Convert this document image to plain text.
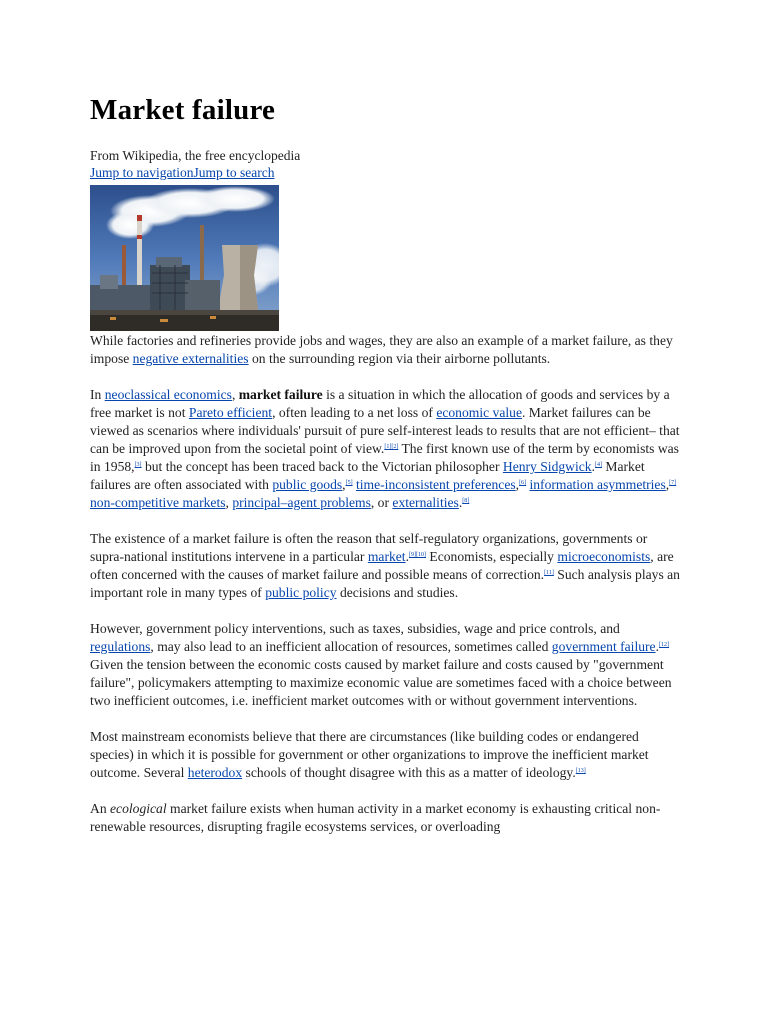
Market failure
From Wikipedia, the free encyclopedia
Jump to navigationJump to search

While factories and refineries provide jobs and wages, they are also an example of a market failure, as they impose negative externalities on the surrounding region via their airborne pollutants.

In neoclassical economics, market failure is a situation in which the allocation of goods and services by a free market is not Pareto efficient, often leading to a net loss of economic value. Market failures can be viewed as scenarios where individuals' pursuit of pure self-interest leads to results that are not efficient– that can be improved upon from the societal point of view.[1][2] The first known use of the term by economists was in 1958,[3] but the concept has been traced back to the Victorian philosopher Henry Sidgwick.[4] Market failures are often associated with public goods,[5] time-inconsistent preferences,[6] information asymmetries,[7] non-competitive markets, principal–agent problems, or externalities.[8]

The existence of a market failure is often the reason that self-regulatory organizations, governments or supra-national institutions intervene in a particular market.[9][10] Economists, especially microeconomists, are often concerned with the causes of market failure and possible means of correction.[11] Such analysis plays an important role in many types of public policy decisions and studies.

However, government policy interventions, such as taxes, subsidies, wage and price controls, and regulations, may also lead to an inefficient allocation of resources, sometimes called government failure.[12] Given the tension between the economic costs caused by market failure and costs caused by "government failure", policymakers attempting to maximize economic value are sometimes faced with a choice between two inefficient outcomes, i.e. inefficient market outcomes with or without government interventions.

Most mainstream economists believe that there are circumstances (like building codes or endangered species) in which it is possible for government or other organizations to improve the inefficient market outcome. Several heterodox schools of thought disagree with this as a matter of ideology.[13]

An ecological market failure exists when human activity in a market economy is exhausting critical non-renewable resources, disrupting fragile ecosystems services, or overloading
